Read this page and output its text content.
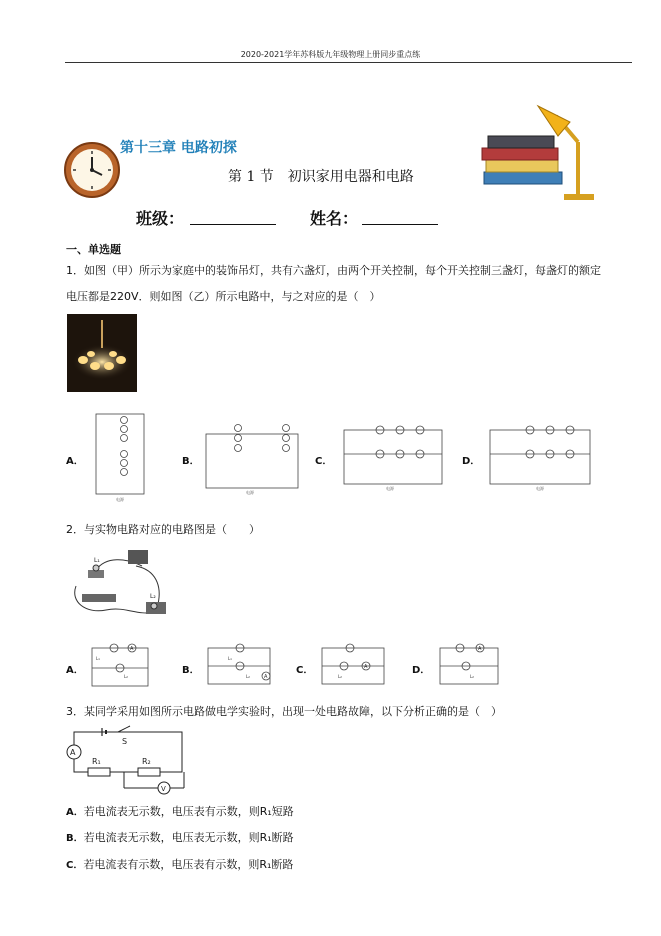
2020-2021学年苏科版九年级物理上册同步重点练
第十三章 电路初探
第 1 节　初识家用电器和电路
班级：	姓名：
一、单选题
1．如图（甲）所示为家庭中的装饰吊灯，共有六盏灯，由两个开关控制，每个开关控制三盏灯，每盏灯的额定
电压都是220V．则如图（乙）所示电路中，与之对应的是（　）
A．
电源
B．
电源
C．
电源
D．
电源
2．与实物电路对应的电路图是（　　）
L₁
L₂
A．
A
L₁
L₂
B．
A
L₁
L₂
C．	A
L₂
D．
A
L₂
3．某同学采用如图所示电路做电学实验时，出现一处电路故障，以下分析正确的是（　）
A
S
R₁	R₂
V
A．若电流表无示数，电压表有示数，则R₁短路
B．若电流表无示数，电压表无示数，则R₁断路
C．若电流表有示数，电压表有示数，则R₁断路
